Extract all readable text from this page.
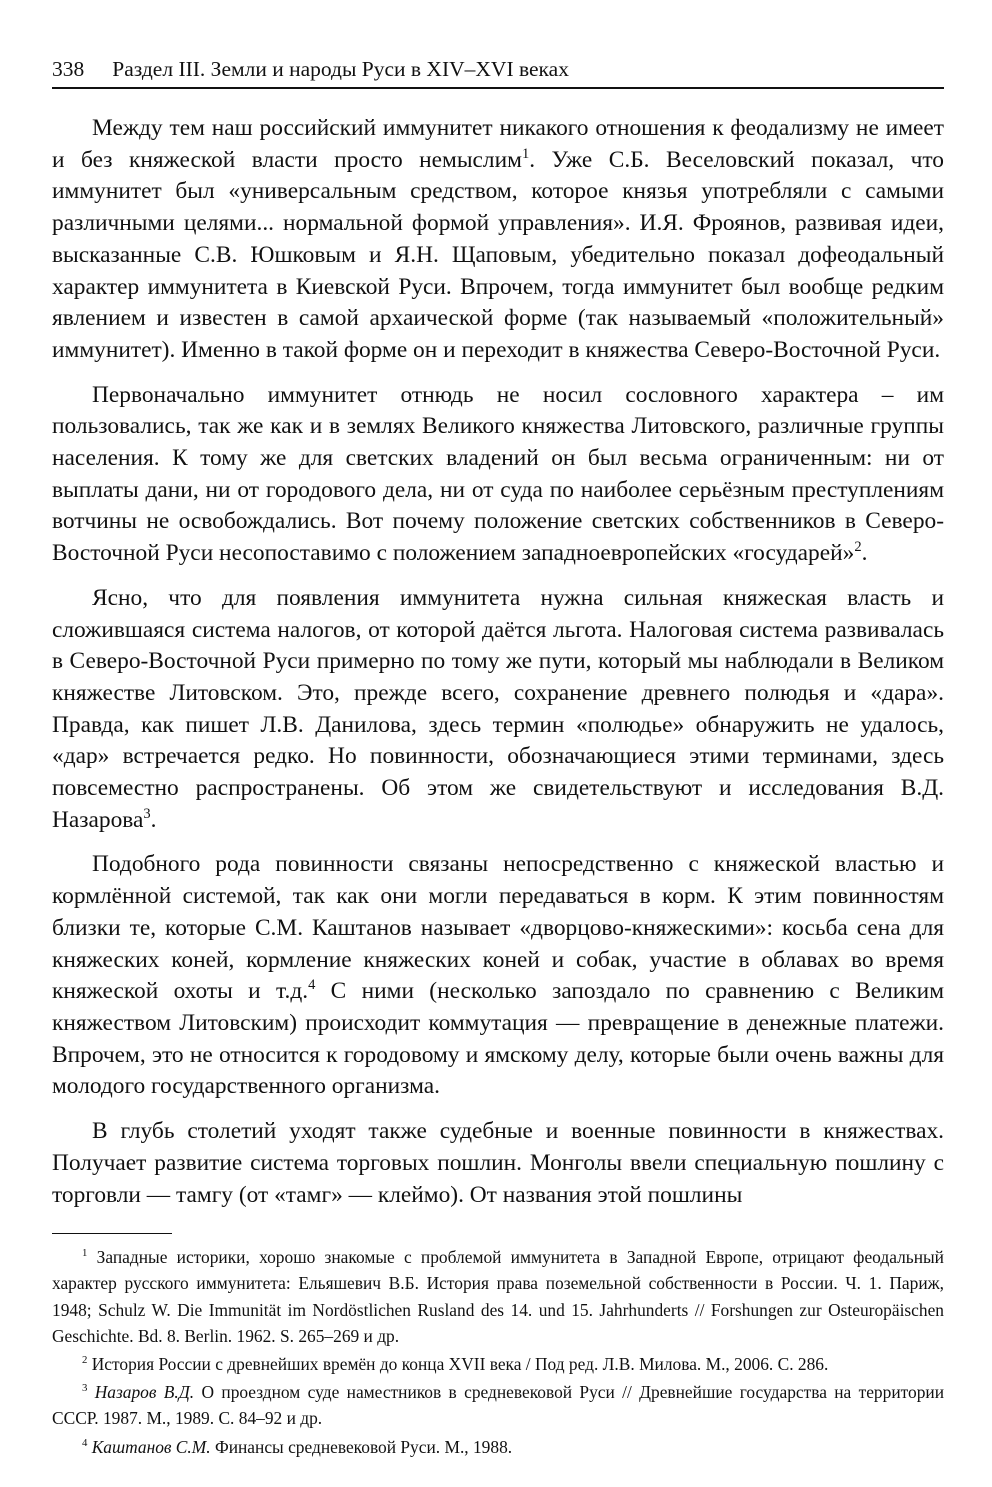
338 Раздел III. Земли и народы Руси в XIV–XVI веках

Между тем наш российский иммунитет никакого отношения к феодализму не имеет и без княжеской власти просто немыслим$^1$. Уже С.Б. Веселовский показал, что иммунитет был «универсальным средством, которое князья употребляли с самыми различными целями... нормальной формой управления». И.Я. Фроянов, развивая идеи, высказанные С.В. Юшковым и Я.Н. Щаповым, убедительно показал дофеодальный характер иммунитета в Киевской Руси. Впрочем, тогда иммунитет был вообще редким явлением и известен в самой архаической форме (так называемый «положительный» иммунитет). Именно в такой форме он и переходит в княжества Северо-Восточной Руси.

Первоначально иммунитет отнюдь не носил сословного характера – им пользовались, так же как и в землях Великого княжества Литовского, различные группы населения. К тому же для светских владений он был весьма ограниченным: ни от выплаты дани, ни от городового дела, ни от суда по наиболее серьёзным преступлениям вотчины не освобождались. Вот почему положение светских собственников в Северо-Восточной Руси несопоставимо с положением западноевропейских «государей»$^2$.

Ясно, что для появления иммунитета нужна сильная княжеская власть и сложившаяся система налогов, от которой даётся льгота. Налоговая система развивалась в Северо-Восточной Руси примерно по тому же пути, который мы наблюдали в Великом княжестве Литовском. Это, прежде всего, сохранение древнего полюдья и «дара». Правда, как пишет Л.В. Данилова, здесь термин «полюдье» обнаружить не удалось, «дар» встречается редко. Но повинности, обозначающиеся этими терминами, здесь повсеместно распространены. Об этом же свидетельствуют и исследования В.Д. Назарова$^3$.

Подобного рода повинности связаны непосредственно с княжеской властью и кормлённой системой, так как они могли передаваться в корм. К этим повинностям близки те, которые С.М. Каштанов называет «дворцово-княжескими»: косьба сена для княжеских коней, кормление княжеских коней и собак, участие в облавах во время княжеской охоты и т.д.$^4$ С ними (несколько запоздало по сравнению с Великим княжеством Литовским) происходит коммутация — превращение в денежные платежи. Впрочем, это не относится к городовому и ямскому делу, которые были очень важны для молодого государственного организма.

В глубь столетий уходят также судебные и военные повинности в княжествах. Получает развитие система торговых пошлин. Монголы ввели специальную пошлину с торговли — тамгу (от «тамг» — клеймо). От названия этой пошлины

$^1$ Западные историки, хорошо знакомые с проблемой иммунитета в Западной Европе, отрицают феодальный характер русского иммунитета: Ельяшевич В.Б. История права поземельной собственности в России. Ч. 1. Париж, 1948; Schulz W. Die Immunität im Nordöstlichen Rusland des 14. und 15. Jahrhunderts // Forshungen zur Osteuropäischen Geschichte. Bd. 8. Berlin. 1962. S. 265–269 и др.

$^2$ История России с древнейших времён до конца XVII века / Под ред. Л.В. Милова. М., 2006. С. 286.

$^3$ Назаров В.Д. О проездном суде наместников в средневековой Руси // Древнейшие государства на территории СССР. 1987. М., 1989. С. 84–92 и др.

$^4$ Каштанов С.М. Финансы средневековой Руси. М., 1988.
